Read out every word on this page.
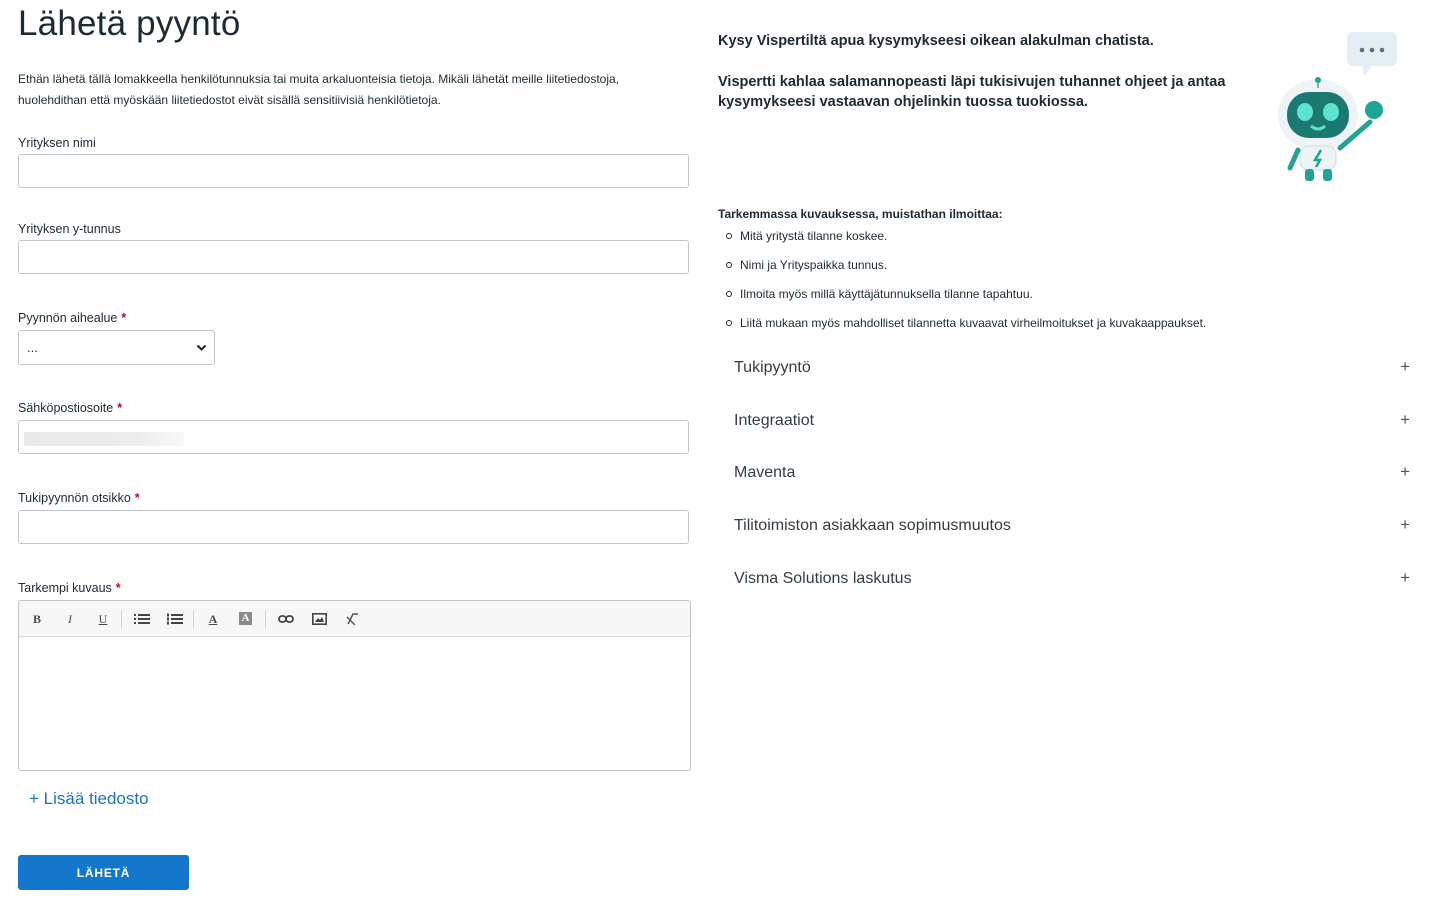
Lähetä pyyntö
Ethän lähetä tällä lomakkeella henkilötunnuksia tai muita arkaluonteisia tietoja. Mikäli lähetät meille liitetiedostoja, huolehdithan että myöskään liitetiedostot eivät sisällä sensitiivisiä henkilötietoja.
Yrityksen nimi
Yrityksen y-tunnus
Pyynnön aihealue *
...
Sähköpostiosoite *
Tukipyynnön otsikko *
Tarkempi kuvaus *
B	I	U	A	A
+ Lisää tiedosto
LÄHETÄ

Kysy Vispertiltä apua kysymykseesi oikean alakulman chatista.

Vispertti kahlaa salamannopeasti läpi tukisivujen tuhannet ohjeet ja antaa kysymykseesi vastaavan ohjelinkin tuossa tuokiossa.

Tarkemmassa kuvauksessa, muistathan ilmoittaa:
Mitä yritystä tilanne koskee.
Nimi ja Yrityspaikka tunnus.
Ilmoita myös millä käyttäjätunnuksella tilanne tapahtuu.
Liitä mukaan myös mahdolliset tilannetta kuvaavat virheilmoitukset ja kuvakaappaukset.
Tukipyyntö	+
Integraatiot	+
Maventa	+
Tilitoimiston asiakkaan sopimusmuutos	+
Visma Solutions laskutus	+
